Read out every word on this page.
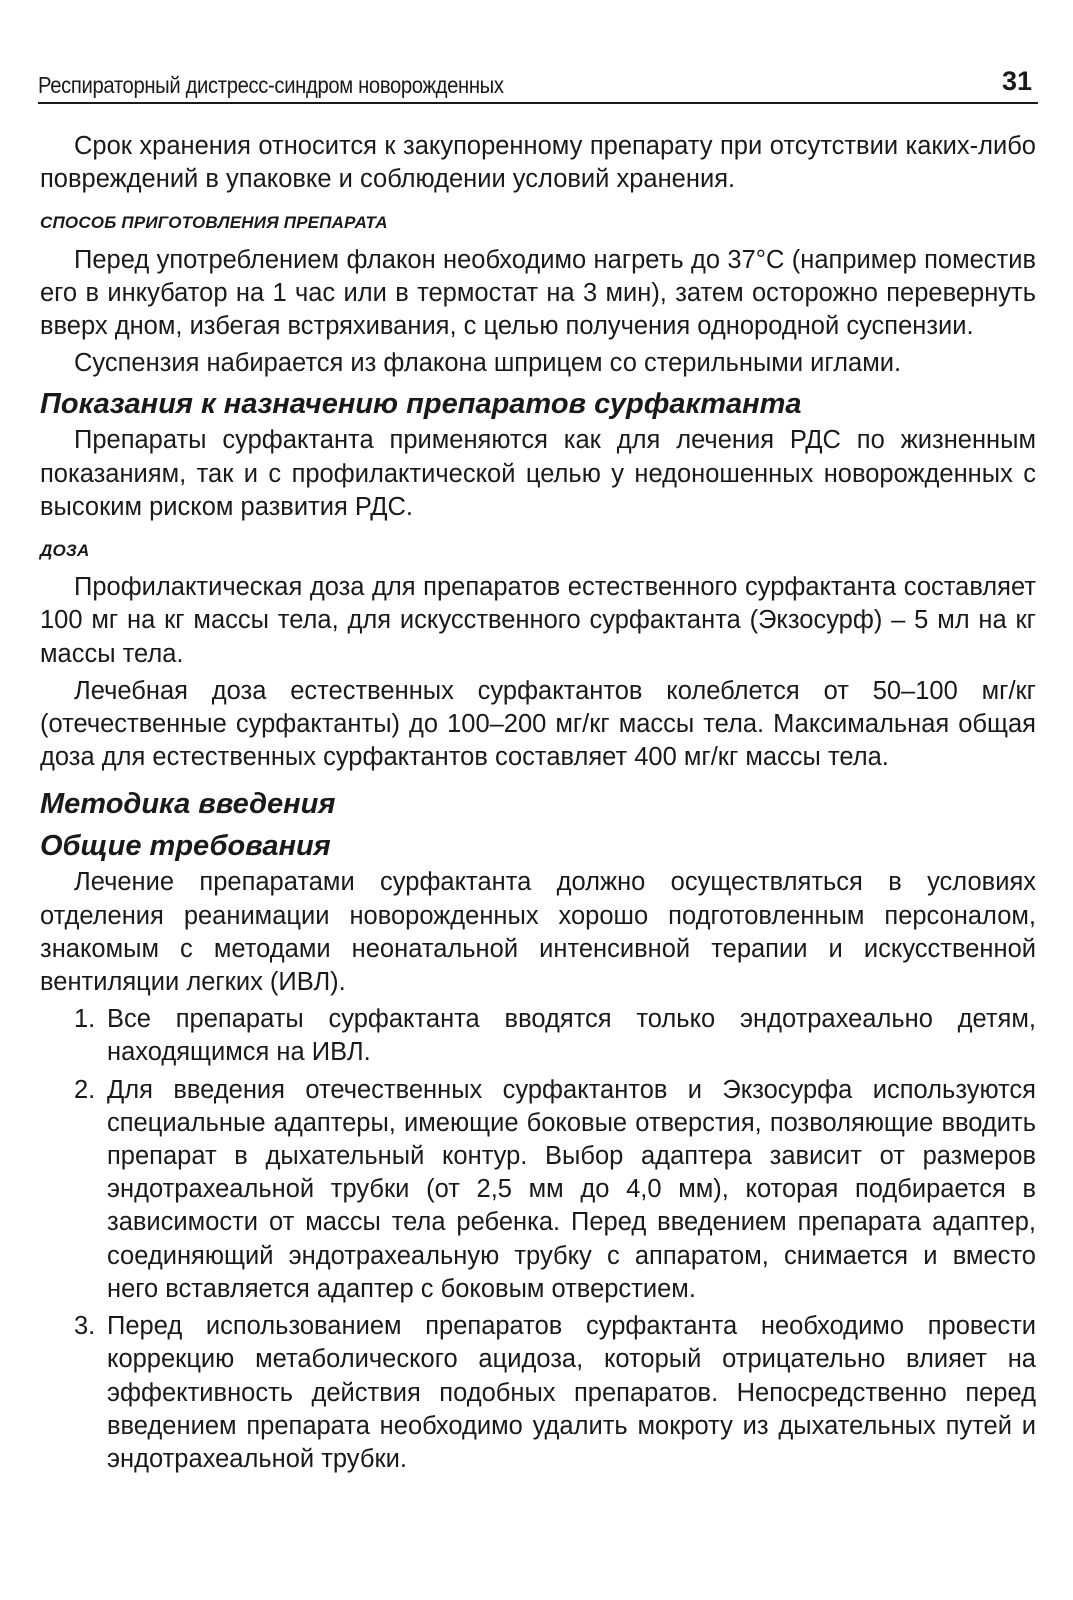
Респираторный дистресс-синдром новорожденных	31

Срок хранения относится к закупоренному препарату при отсутствии каких-либо повреждений в упаковке и соблюдении условий хранения.

СПОСОБ ПРИГОТОВЛЕНИЯ ПРЕПАРАТА

Перед употреблением флакон необходимо нагреть до 37°C (например поместив его в инкубатор на 1 час или в термостат на 3 мин), затем осторожно перевернуть вверх дном, избегая встряхивания, с целью получения однородной суспензии.

Суспензия набирается из флакона шприцем со стерильными иглами.

Показания к назначению препаратов сурфактанта

Препараты сурфактанта применяются как для лечения РДС по жизненным показаниям, так и с профилактической целью у недоношенных новорожденных с высоким риском развития РДС.

ДОЗА

Профилактическая доза для препаратов естественного сурфактанта составляет 100 мг на кг массы тела, для искусственного сурфактанта (Экзосурф) – 5 мл на кг массы тела.

Лечебная доза естественных сурфактантов колеблется от 50–100 мг/кг (отечественные сурфактанты) до 100–200 мг/кг массы тела. Максимальная общая доза для естественных сурфактантов составляет 400 мг/кг массы тела.

Методика введения
Общие требования

Лечение препаратами сурфактанта должно осуществляться в условиях отделения реанимации новорожденных хорошо подготовленным персоналом, знакомым с методами неонатальной интенсивной терапии и искусственной вентиляции легких (ИВЛ).

1. Все препараты сурфактанта вводятся только эндотрахеально детям, находящимся на ИВЛ.
2. Для введения отечественных сурфактантов и Экзосурфа используются специальные адаптеры, имеющие боковые отверстия, позволяющие вводить препарат в дыхательный контур. Выбор адаптера зависит от размеров эндотрахеальной трубки (от 2,5 мм до 4,0 мм), которая подбирается в зависимости от массы тела ребенка. Перед введением препарата адаптер, соединяющий эндотрахеальную трубку с аппаратом, снимается и вместо него вставляется адаптер с боковым отверстием.
3. Перед использованием препаратов сурфактанта необходимо провести коррекцию метаболического ацидоза, который отрицательно влияет на эффективность действия подобных препаратов. Непосредственно перед введением препарата необходимо удалить мокроту из дыхательных путей и эндотрахеальной трубки.
